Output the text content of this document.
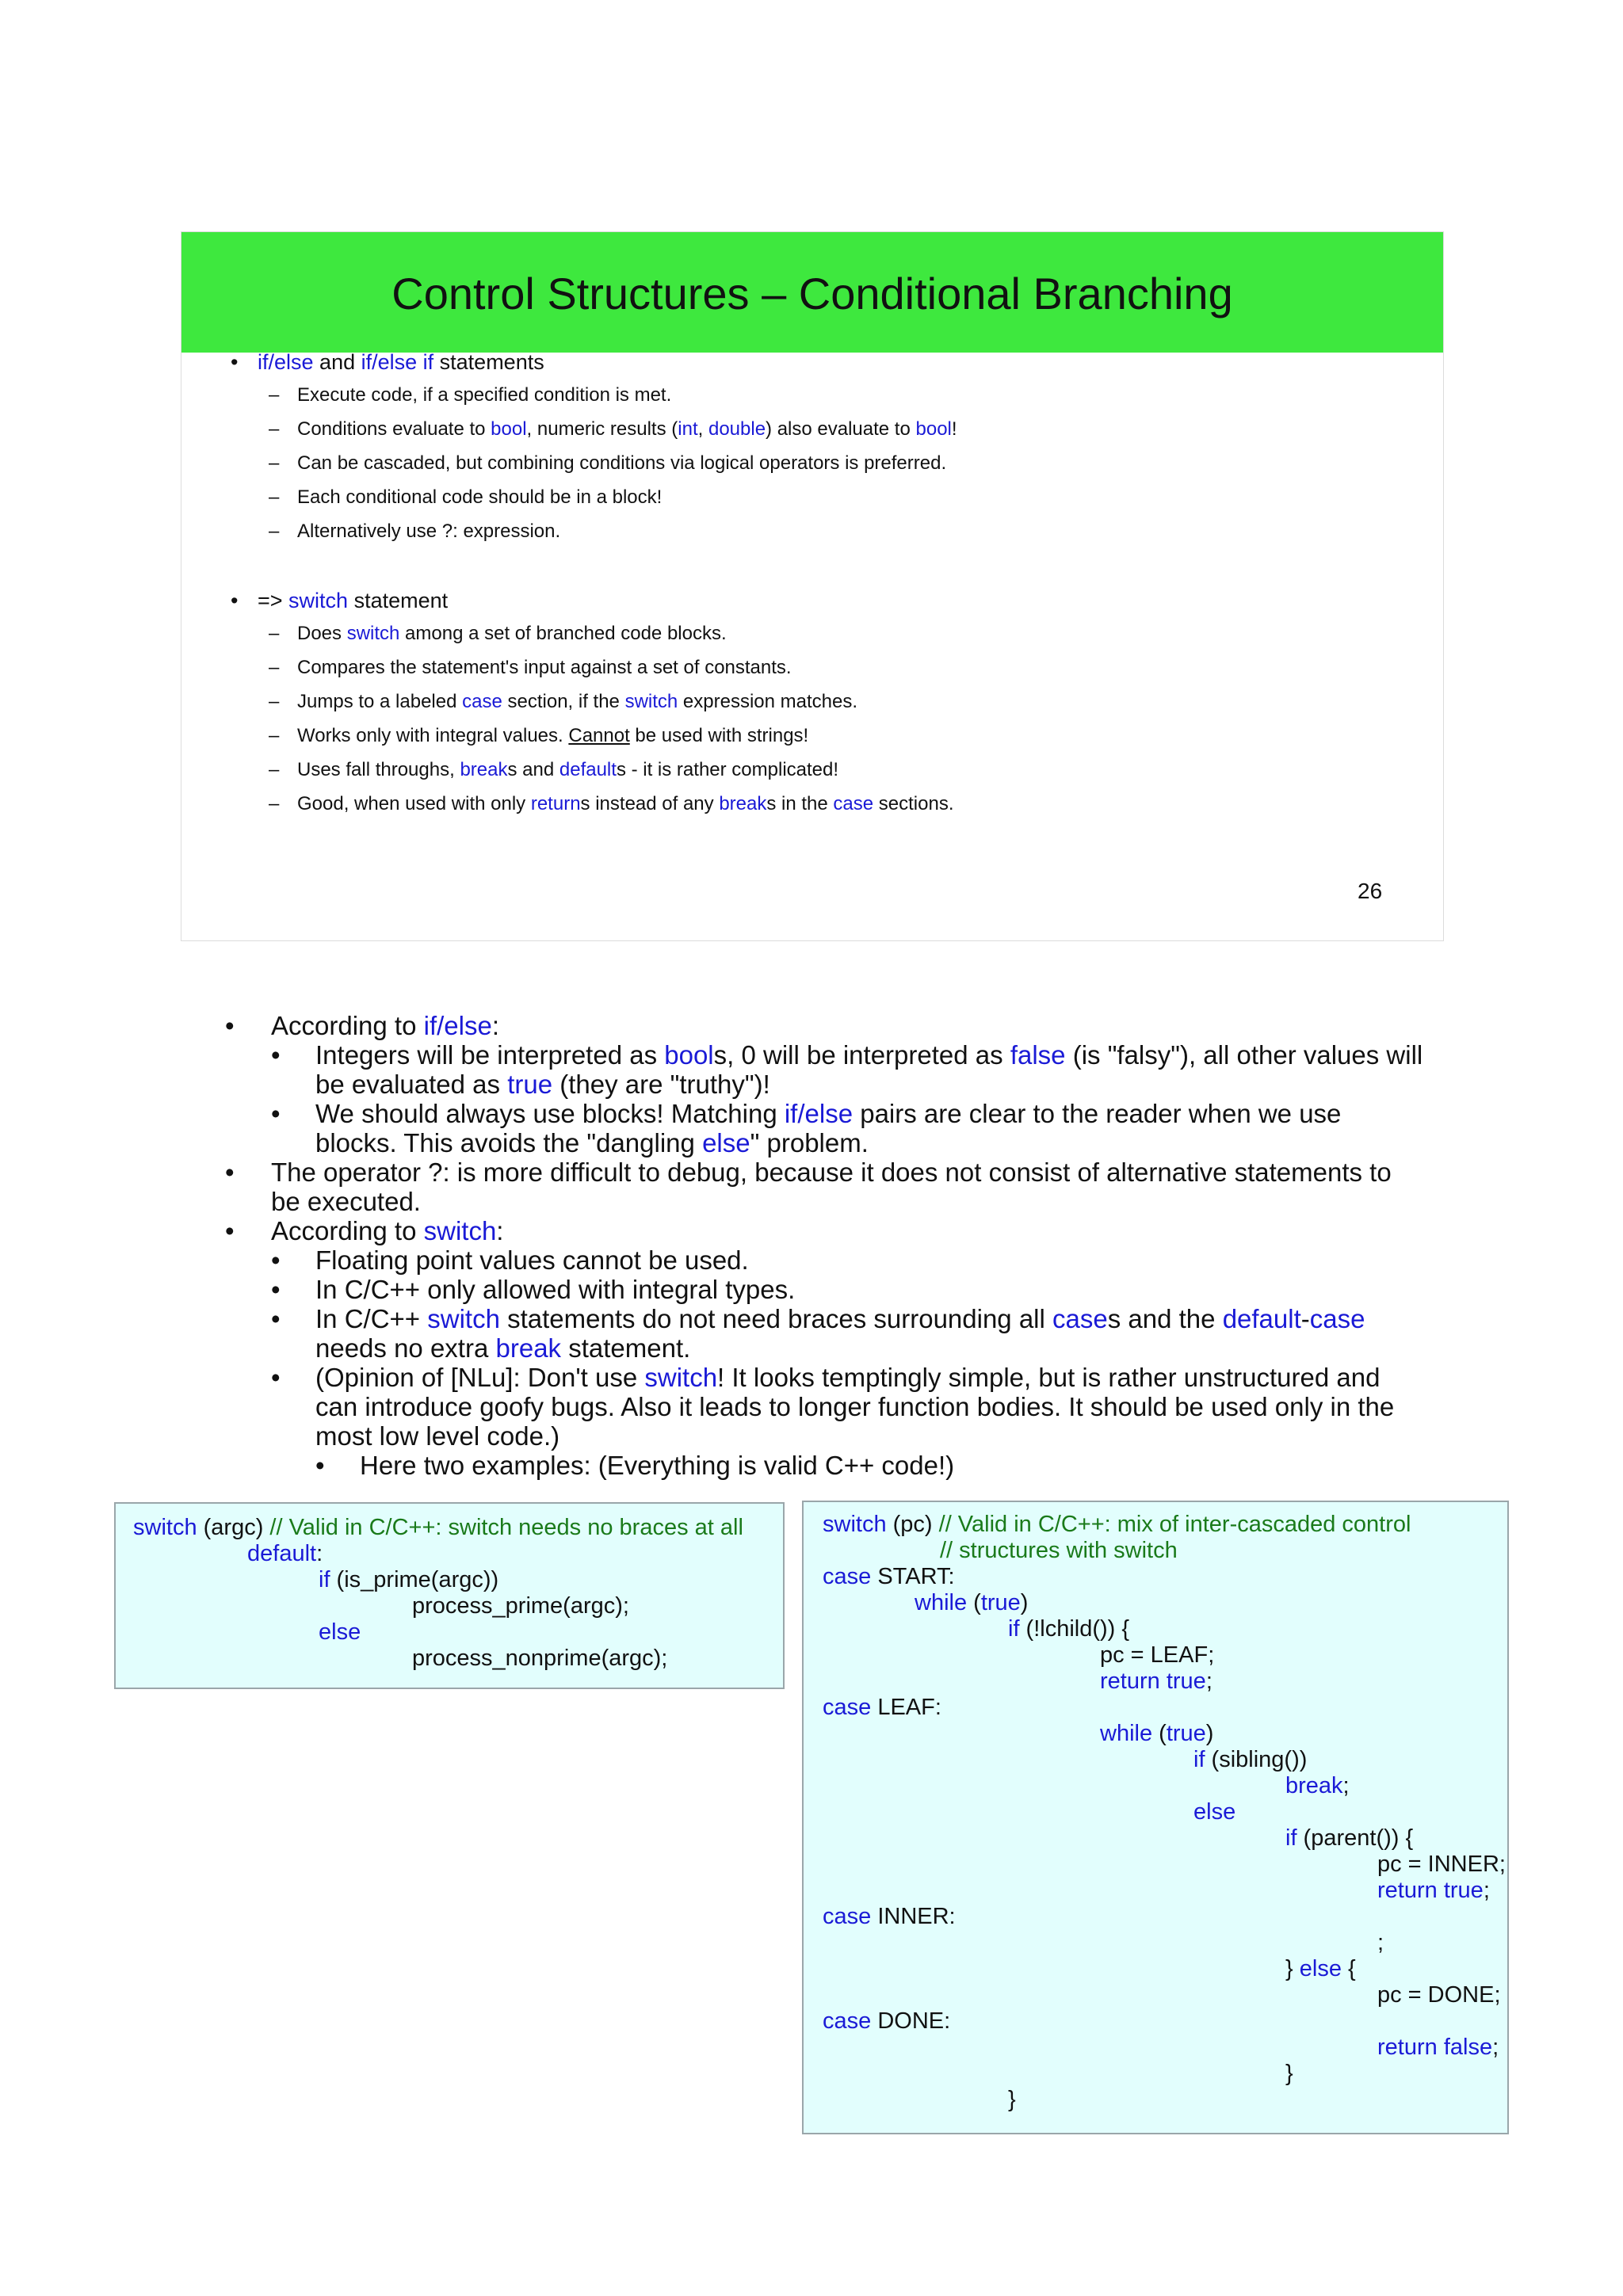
Control Structures – Conditional Branching
• if/else and if/else if statements
– Execute code, if a specified condition is met.
– Conditions evaluate to bool, numeric results (int, double) also evaluate to bool!
– Can be cascaded, but combining conditions via logical operators is preferred.
– Each conditional code should be in a block!
– Alternatively use ?: expression.
• => switch statement
– Does switch among a set of branched code blocks.
– Compares the statement's input against a set of constants.
– Jumps to a labeled case section, if the switch expression matches.
– Works only with integral values. Cannot be used with strings!
– Uses fall throughs, breaks and defaults - it is rather complicated!
– Good, when used with only returns instead of any breaks in the case sections.
26
• According to if/else:
• Integers will be interpreted as bools, 0 will be interpreted as false (is "falsy"), all other values will
be evaluated as true (they are "truthy")!
• We should always use blocks! Matching if/else pairs are clear to the reader when we use
blocks. This avoids the "dangling else" problem.
• The operator ?: is more difficult to debug, because it does not consist of alternative statements to
be executed.
• According to switch:
• Floating point values cannot be used.
• In C/C++ only allowed with integral types.
• In C/C++ switch statements do not need braces surrounding all cases and the default-case
needs no extra break statement.
• (Opinion of [NLu]: Don't use switch! It looks temptingly simple, but is rather unstructured and
can introduce goofy bugs. Also it leads to longer function bodies. It should be used only in the
most low level code.)
• Here two examples: (Everything is valid C++ code!)
switch (argc) // Valid in C/C++: switch needs no braces at all
default:
if (is_prime(argc))
process_prime(argc);
else
process_nonprime(argc);
switch (pc) // Valid in C/C++: mix of inter-cascaded control
// structures with switch
case START:
while (true)
if (!lchild()) {
pc = LEAF;
return true;
case LEAF:
while (true)
if (sibling())
break;
else
if (parent()) {
pc = INNER;
return true;
case INNER:
;
} else {
pc = DONE;
case DONE:
return false;
}
}
